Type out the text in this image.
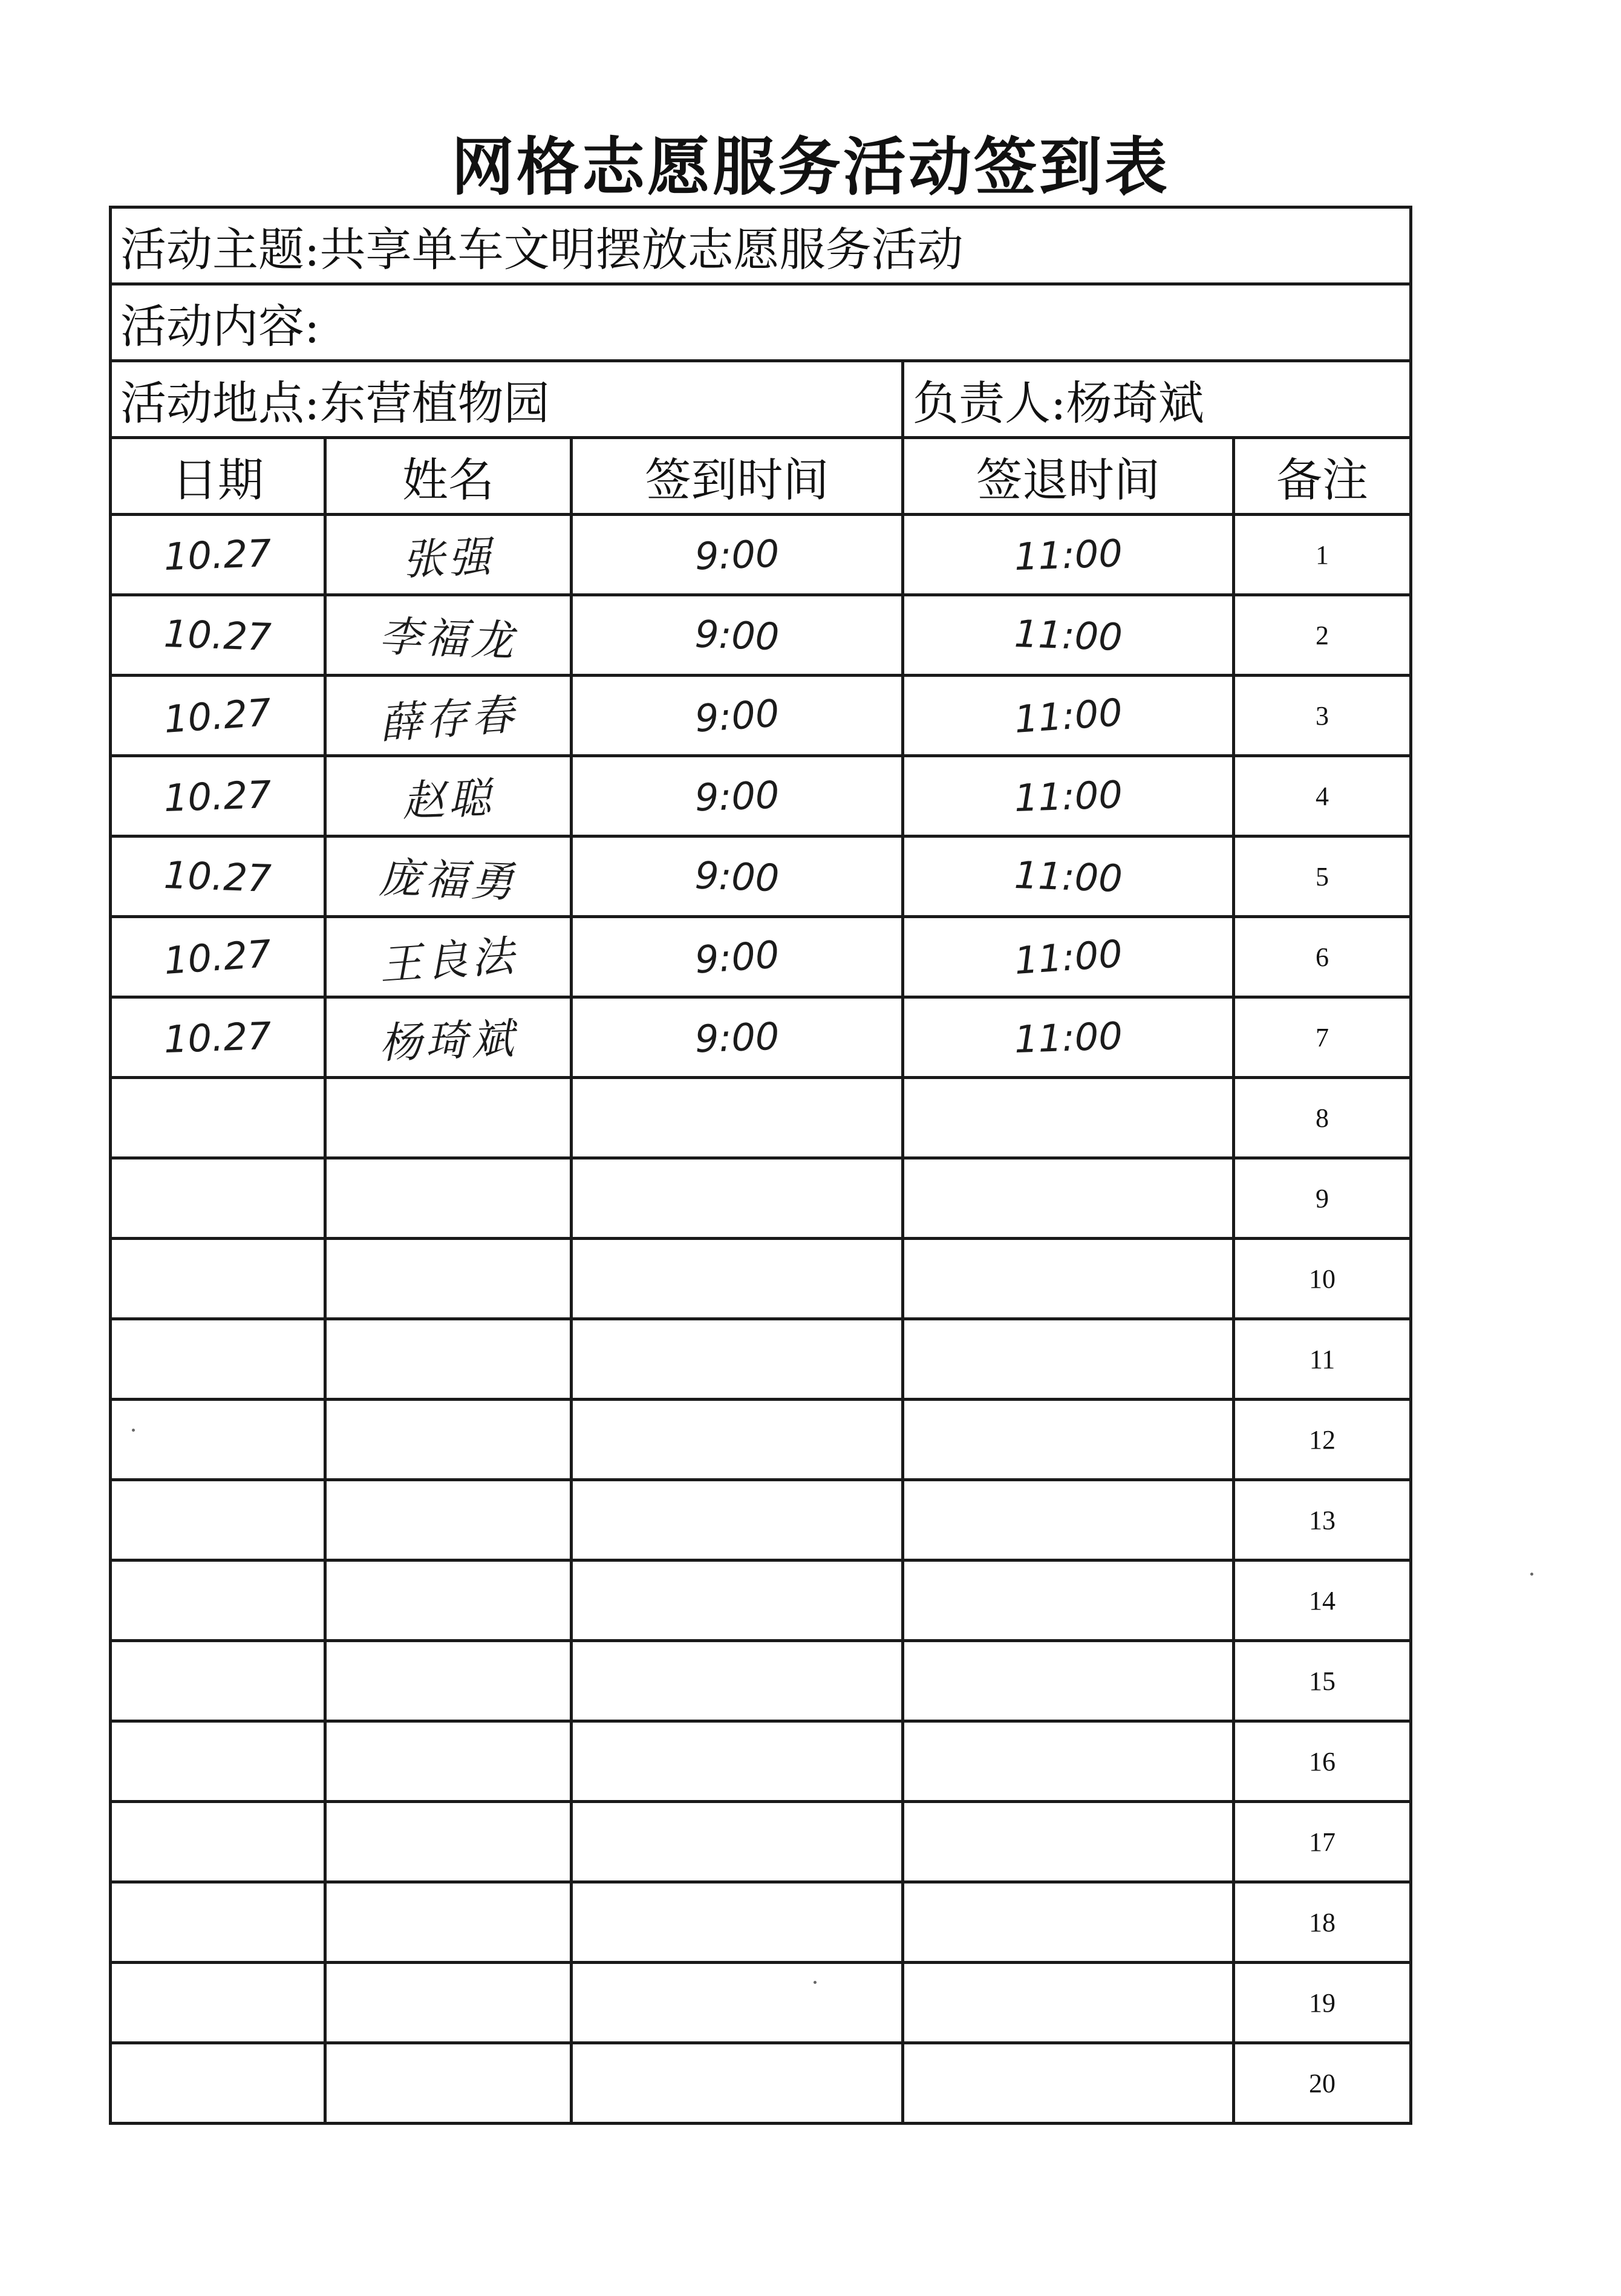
网格志愿服务活动签到表
活动主题:共享单车文明摆放志愿服务活动				
活动内容:				
活动地点:东营植物园			负责人:杨琦斌	
日期	姓名	签到时间	签退时间	备注
10.27	张强	9:00	11:00	1
10.27	李福龙	9:00	11:00	2
10.27	薛存春	9:00	11:00	3
10.27	赵聪	9:00	11:00	4
10.27	庞福勇	9:00	11:00	5
10.27	王良法	9:00	11:00	6
10.27	杨琦斌	9:00	11:00	7
				8
				9
				10
				11
				12
				13
				14
				15
				16
				17
				18
				19
				20
